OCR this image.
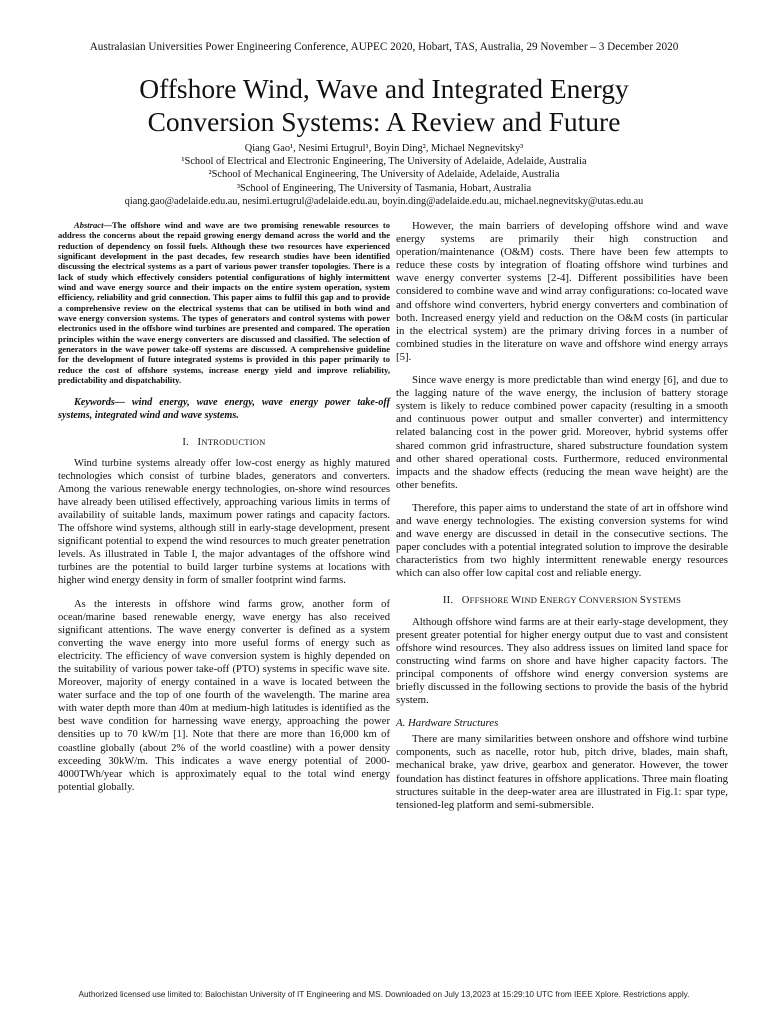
Australasian Universities Power Engineering Conference, AUPEC 2020, Hobart, TAS, Australia, 29 November – 3 December 2020
Offshore Wind, Wave and Integrated Energy
Conversion Systems: A Review and Future
Qiang Gao¹, Nesimi Ertugrul¹, Boyin Ding², Michael Negnevitsky³
¹School of Electrical and Electronic Engineering, The University of Adelaide, Adelaide, Australia
²School of Mechanical Engineering, The University of Adelaide, Adelaide, Australia
³School of Engineering, The University of Tasmania, Hobart, Australia
qiang.gao@adelaide.edu.au, nesimi.ertugrul@adelaide.edu.au, boyin.ding@adelaide.edu.au, michael.negnevitsky@utas.edu.au

Abstract—The offshore wind and wave are two promising renewable resources to address the concerns about the repaid growing energy demand across the world and the reduction of dependency on fossil fuels. Although these two resources have experienced significant development in the past decades, few research studies have been identified discussing the electrical systems as a part of various power transfer topologies. There is a lack of study which effectively considers potential configurations of highly intermittent wind and wave energy source and their impacts on the entire system operation, system efficiency, reliability and grid connection. This paper aims to fulfil this gap and to provide a comprehensive review on the electrical systems that can be utilised in both wind and wave energy conversion systems. The types of generators and control systems with power electronics used in the offshore wind turbines are presented and compared. The operation principles within the wave energy converters are discussed and classified. The selection of generators in the wave power take-off systems are discussed. A comprehensive guideline for the development of future integrated systems is provided in this paper primarily to reduce the cost of offshore systems, increase energy yield and improve reliability, predictability and dispatchability.

Keywords— wind energy, wave energy, wave energy power take-off systems, integrated wind and wave systems.

I. INTRODUCTION

Wind turbine systems already offer low-cost energy as highly matured technologies which consist of turbine blades, generators and converters. Among the various renewable energy technologies, on-shore wind resources have already been utilised effectively, approaching various limits in terms of availability of suitable lands, maximum power ratings and capacity factors. The offshore wind systems, although still in early-stage development, present significant potential to expend the wind resources to much greater penetration levels. As illustrated in Table I, the major advantages of the offshore wind turbines are the potential to build larger turbine systems at locations with higher wind energy density in form of smaller footprint wind farms.

As the interests in offshore wind farms grow, another form of ocean/marine based renewable energy, wave energy has also received significant attentions. The wave energy converter is defined as a system converting the wave energy into more useful forms of energy such as electricity. The efficiency of wave conversion system is highly depended on the suitability of various power take-off (PTO) systems in specific wave site. Moreover, majority of energy contained in a wave is located between the water surface and the top of one fourth of the wavelength. The marine area with water depth more than 40m at medium-high latitudes is identified as the best wave condition for harnessing wave energy, approaching the power densities up to 70 kW/m [1]. Note that there are more than 16,000 km of coastline globally (about 2% of the world coastline) with a power density exceeding 30kW/m. This indicates a wave energy potential of 2000-4000TWh/year which is approximately equal to the total wind energy potential globally.

However, the main barriers of developing offshore wind and wave energy systems are primarily their high construction and operation/maintenance (O&M) costs. There have been few attempts to reduce these costs by integration of floating offshore wind turbines and wave energy converter systems [2-4]. Different possibilities have been considered to combine wave and wind array configurations: co-located wave and offshore wind converters, hybrid energy converters and combination of both. Increased energy yield and reduction on the O&M costs (in particular in the electrical system) are the primary driving forces in a number of combined studies in the literature on wave and offshore wind energy arrays [5].

Since wave energy is more predictable than wind energy [6], and due to the lagging nature of the wave energy, the inclusion of battery storage system is likely to reduce combined power capacity (resulting in a smooth and continuous power output and smaller converter) and intermittency related balancing cost in the power grid. Moreover, hybrid systems offer shared common grid infrastructure, shared substructure foundation system and other shared operational costs. Furthermore, reduced environmental impacts and the shadow effects (reducing the mean wave height) are the other benefits.

Therefore, this paper aims to understand the state of art in offshore wind and wave energy technologies. The existing conversion systems for wind and wave energy are discussed in detail in the consecutive sections. The paper concludes with a potential integrated solution to improve the desirable characteristics from two highly intermittent renewable energy resources which can also offer low capital cost and reliable energy.

II. OFFSHORE WIND ENERGY CONVERSION SYSTEMS

Although offshore wind farms are at their early-stage development, they present greater potential for higher energy output due to vast and consistent offshore wind resources. They also address issues on limited land space for constructing wind farms on shore and have higher capacity factors. The principal components of offshore wind energy conversion systems are briefly discussed in the following sections to provide the basis of the hybrid system.

A. Hardware Structures

There are many similarities between onshore and offshore wind turbine components, such as nacelle, rotor hub, pitch drive, blades, main shaft, mechanical brake, yaw drive, gearbox and generator. However, the tower foundation has distinct features in offshore applications. Three main floating structures suitable in the deep-water area are illustrated in Fig.1: spar type, tensioned-leg platform and semi-submersible.

Authorized licensed use limited to: Balochistan University of IT Engineering and MS. Downloaded on July 13,2023 at 15:29:10 UTC from IEEE Xplore. Restrictions apply.
